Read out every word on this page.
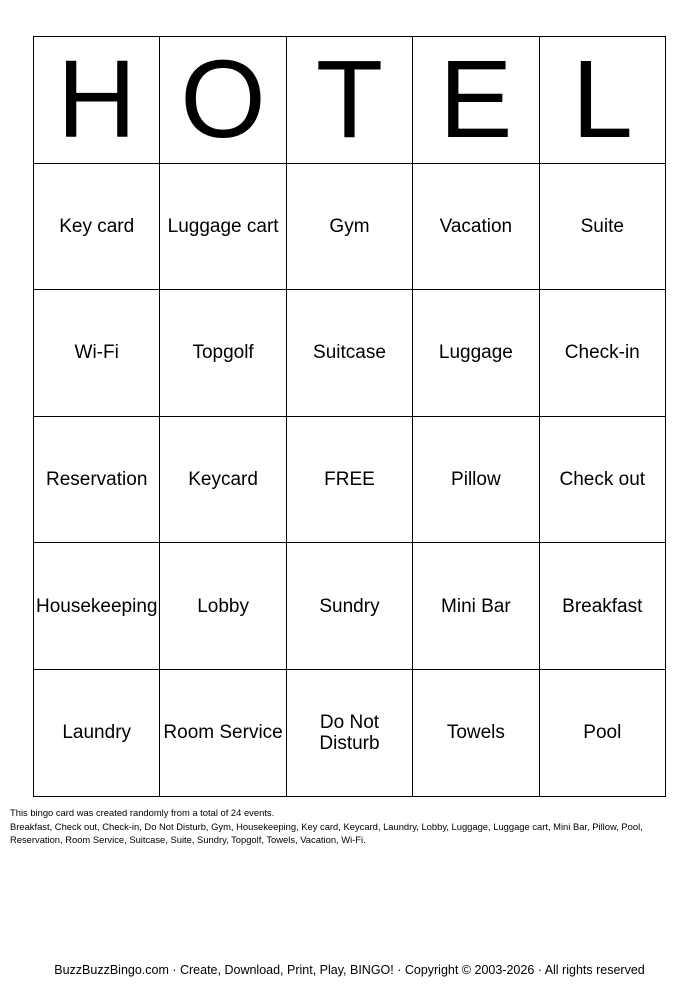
H	O	T	E	L
Key card	Luggage cart	Gym	Vacation	Suite
Wi-Fi	Topgolf	Suitcase	Luggage	Check-in
Reservation	Keycard	FREE	Pillow	Check out
Housekeeping	Lobby	Sundry	Mini Bar	Breakfast
Laundry	Room Service	Do Not Disturb	Towels	Pool
This bingo card was created randomly from a total of 24 events.
Breakfast, Check out, Check-in, Do Not Disturb, Gym, Housekeeping, Key card, Keycard, Laundry, Lobby, Luggage, Luggage cart, Mini Bar, Pillow, Pool,
Reservation, Room Service, Suitcase, Suite, Sundry, Topgolf, Towels, Vacation, Wi-Fi.
BuzzBuzzBingo.com · Create, Download, Print, Play, BINGO! · Copyright © 2003-2026 · All rights reserved
